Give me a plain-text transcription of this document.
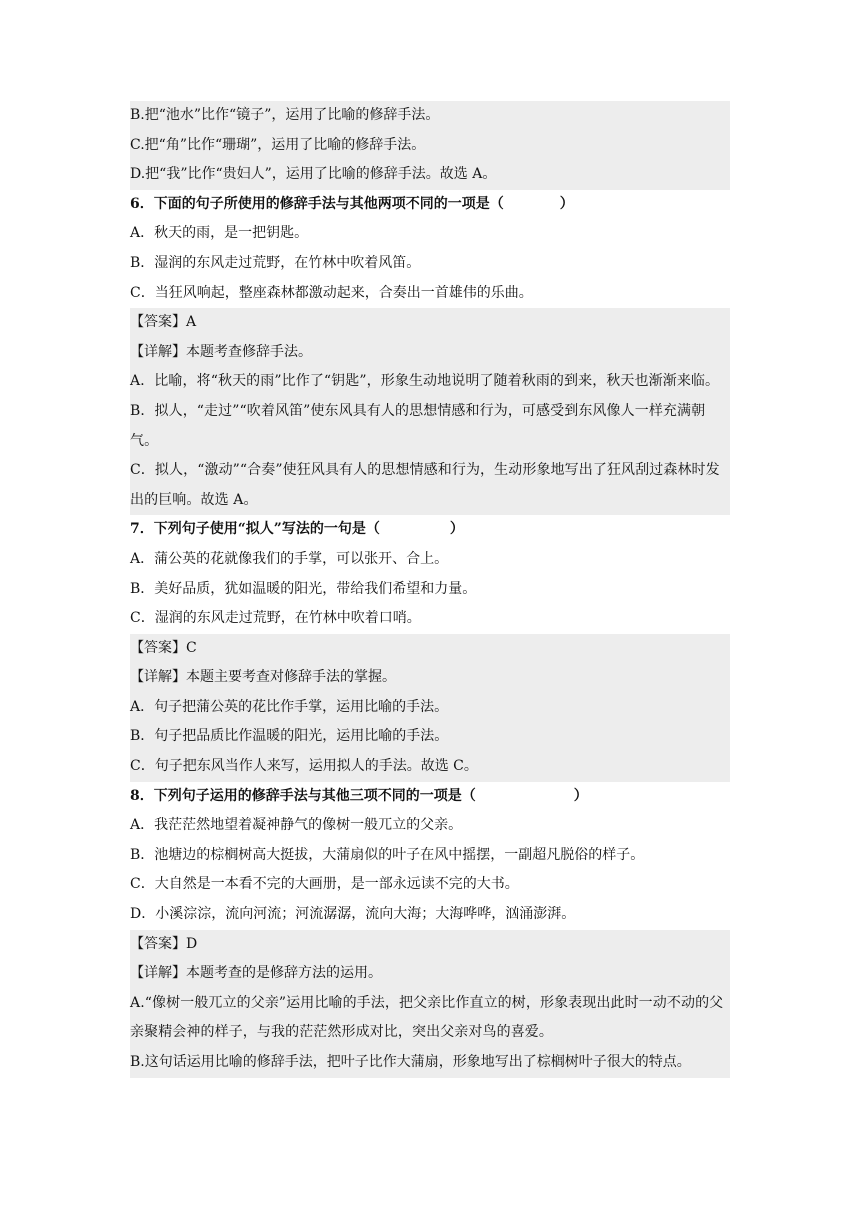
B.把“池水”比作“镜子”，运用了比喻的修辞手法。

C.把“角”比作“珊瑚”，运用了比喻的修辞手法。

D.把“我”比作“贵妇人”，运用了比喻的修辞手法。故选 A。

6．下面的句子所使用的修辞手法与其他两项不同的一项是（　　　　）

A．秋天的雨，是一把钥匙。

B．湿润的东风走过荒野，在竹林中吹着风笛。

C．当狂风响起，整座森林都激动起来，合奏出一首雄伟的乐曲。

【答案】A

【详解】本题考查修辞手法。

A．比喻，将“秋天的雨”比作了“钥匙”，形象生动地说明了随着秋雨的到来，秋天也渐渐来临。

B．拟人，“走过”“吹着风笛”使东风具有人的思想情感和行为，可感受到东风像人一样充满朝气。

C．拟人，“激动”“合奏”使狂风具有人的思想情感和行为，生动形象地写出了狂风刮过森林时发出的巨响。故选 A。

7．下列句子使用“拟人”写法的一句是（　　　　　）

A．蒲公英的花就像我们的手掌，可以张开、合上。

B．美好品质，犹如温暖的阳光，带给我们希望和力量。

C．湿润的东风走过荒野，在竹林中吹着口哨。

【答案】C

【详解】本题主要考查对修辞手法的掌握。

A．句子把蒲公英的花比作手掌，运用比喻的手法。

B．句子把品质比作温暖的阳光，运用比喻的手法。

C．句子把东风当作人来写，运用拟人的手法。故选 C。

8．下列句子运用的修辞手法与其他三项不同的一项是（　　　　　　　）

A．我茫茫然地望着凝神静气的像树一般兀立的父亲。

B．池塘边的棕榈树高大挺拔，大蒲扇似的叶子在风中摇摆，一副超凡脱俗的样子。

C．大自然是一本看不完的大画册，是一部永远读不完的大书。

D．小溪淙淙，流向河流；河流潺潺，流向大海；大海哗哗，汹涌澎湃。

【答案】D

【详解】本题考查的是修辞方法的运用。

A.“像树一般兀立的父亲”运用比喻的手法，把父亲比作直立的树，形象表现出此时一动不动的父亲聚精会神的样子，与我的茫茫然形成对比，突出父亲对鸟的喜爱。

B.这句话运用比喻的修辞手法，把叶子比作大蒲扇，形象地写出了棕榈树叶子很大的特点。
